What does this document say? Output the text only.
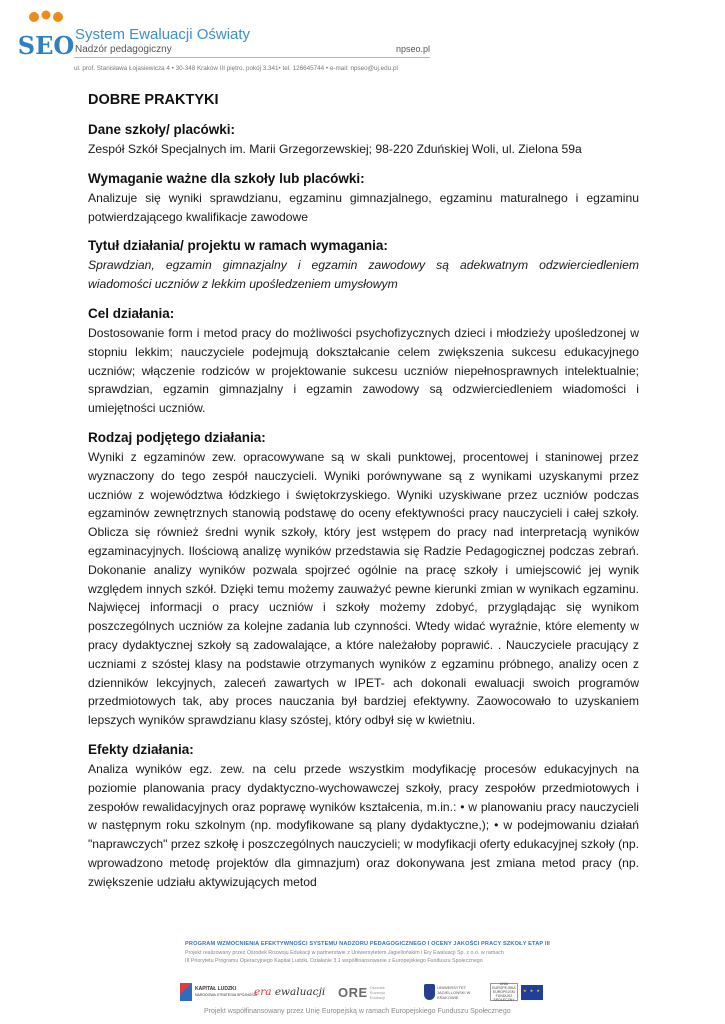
SEO System Ewaluacji Oświaty
Nadzór pedagogiczny	npseo.pl
ul. prof. Stanisława Łojasiewicza 4 • 30-348 Kraków III piętro, pokój 3.341• tel. 126645744 • e-mail: npseo@uj.edu.pl
DOBRE PRAKTYKI
Dane szkoły/ placówki:

Zespół Szkół Specjalnych im. Marii Grzegorzewskiej; 98-220 Zduńskiej Woli, ul. Zielona 59a

Wymaganie ważne dla szkoły lub placówki:

Analizuje się wyniki sprawdzianu, egzaminu gimnazjalnego, egzaminu maturalnego i egzaminu potwierdzającego kwalifikacje zawodowe

Tytuł działania/ projektu w ramach wymagania:

Sprawdzian, egzamin gimnazjalny i egzamin zawodowy są adekwatnym odzwierciedleniem wiadomości uczniów z lekkim upośledzeniem umysłowym

Cel działania:

Dostosowanie form i metod pracy do możliwości psychofizycznych dzieci i młodzieży upośledzonej w stopniu lekkim; nauczyciele podejmują dokształcanie celem zwiększenia sukcesu edukacyjnego uczniów; włączenie rodziców w projektowanie sukcesu uczniów niepełnosprawnych intelektualnie; sprawdzian, egzamin gimnazjalny i egzamin zawodowy są odzwierciedleniem wiadomości i umiejętności uczniów.

Rodzaj podjętego działania:

Wyniki z egzaminów zew. opracowywane są w skali punktowej, procentowej i staninowej przez wyznaczony do tego zespół nauczycieli. Wyniki porównywane są z wynikami uzyskanymi przez uczniów z województwa łódzkiego i świętokrzyskiego. Wyniki uzyskiwane przez uczniów podczas egzaminów zewnętrznych stanowią podstawę do oceny efektywności pracy nauczycieli i całej szkoły. Oblicza się również średni wynik szkoły, który jest wstępem do pracy nad interpretacją wyników egzaminacyjnych. Ilościową analizę wyników przedstawia się Radzie Pedagogicznej podczas zebrań. Dokonanie analizy wyników pozwala spojrzeć ogólnie na pracę szkoły i umiejscowić jej wynik względem innych szkół. Dzięki temu możemy zauważyć pewne kierunki zmian w wynikach egzaminu. Najwięcej informacji o pracy uczniów i szkoły możemy zdobyć, przyglądając się wynikom poszczególnych uczniów za kolejne zadania lub czynności. Wtedy widać wyraźnie, które elementy w pracy dydaktycznej szkoły są zadowalające, a które należałoby poprawić. . Nauczyciele pracujący z uczniami z szóstej klasy na podstawie otrzymanych wyników z egzaminu próbnego, analizy ocen z dzienników lekcyjnych, zaleceń zawartych w IPET- ach dokonali ewaluacji swoich programów przedmiotowych tak, aby proces nauczania był bardziej efektywny. Zaowocowało to uzyskaniem lepszych wyników sprawdzianu klasy szóstej, który odbył się w kwietniu.

Efekty działania:

Analiza wyników egz. zew. na celu przede wszystkim modyfikację procesów edukacyjnych na poziomie planowania pracy dydaktyczno-wychowawczej szkoły, pracy zespołów przedmiotowych i zespołów rewalidacyjnych oraz poprawę wyników kształcenia, m.in.: • w planowaniu pracy nauczycieli w następnym roku szkolnym (np. modyfikowane są plany dydaktyczne,); • w podejmowaniu działań "naprawczych" przez szkołę i poszczególnych nauczycieli; w modyfikacji oferty edukacyjnej szkoły (np. wprowadzono metodę projektów dla gimnazjum) oraz dokonywana jest zmiana metod pracy (np. zwiększenie udziału aktywizujących metod

PROGRAM WZMOCNIENIA EFEKTYWNOŚCI SYSTEMU NADZORU PEDAGOGICZNEGO I OCENY JAKOŚCI PRACY SZKOŁY ETAP III
Projekt realizowany przez Ośrodek Rozwoju Edukacji w partnerstwie z Uniwersytetem Jagiellońskim i Ery Ewaluacji Sp. z o.o. w ramach
III Priorytetu Programu Operacyjnego Kapitał Ludzki, Działanie 3.1 współfinansowanie z Europejskiego Funduszu Społecznego
KAPITAŁ LUDZKI
NARODOWA STRATEGIA SPÓJNOŚCI
era ewaluacji ORE Ośrodek Rozwoju Edukacji
UNIWERSYTET JAGIELLOŃSKI W KRAKOWIE
UNIA EUROPEJSKA EUROPEJSKI FUNDUSZ SPOŁECZNY
★ ★ ★
Projekt współfinansowany przez Unię Europejską w ramach Europejskiego Funduszu Społecznego
